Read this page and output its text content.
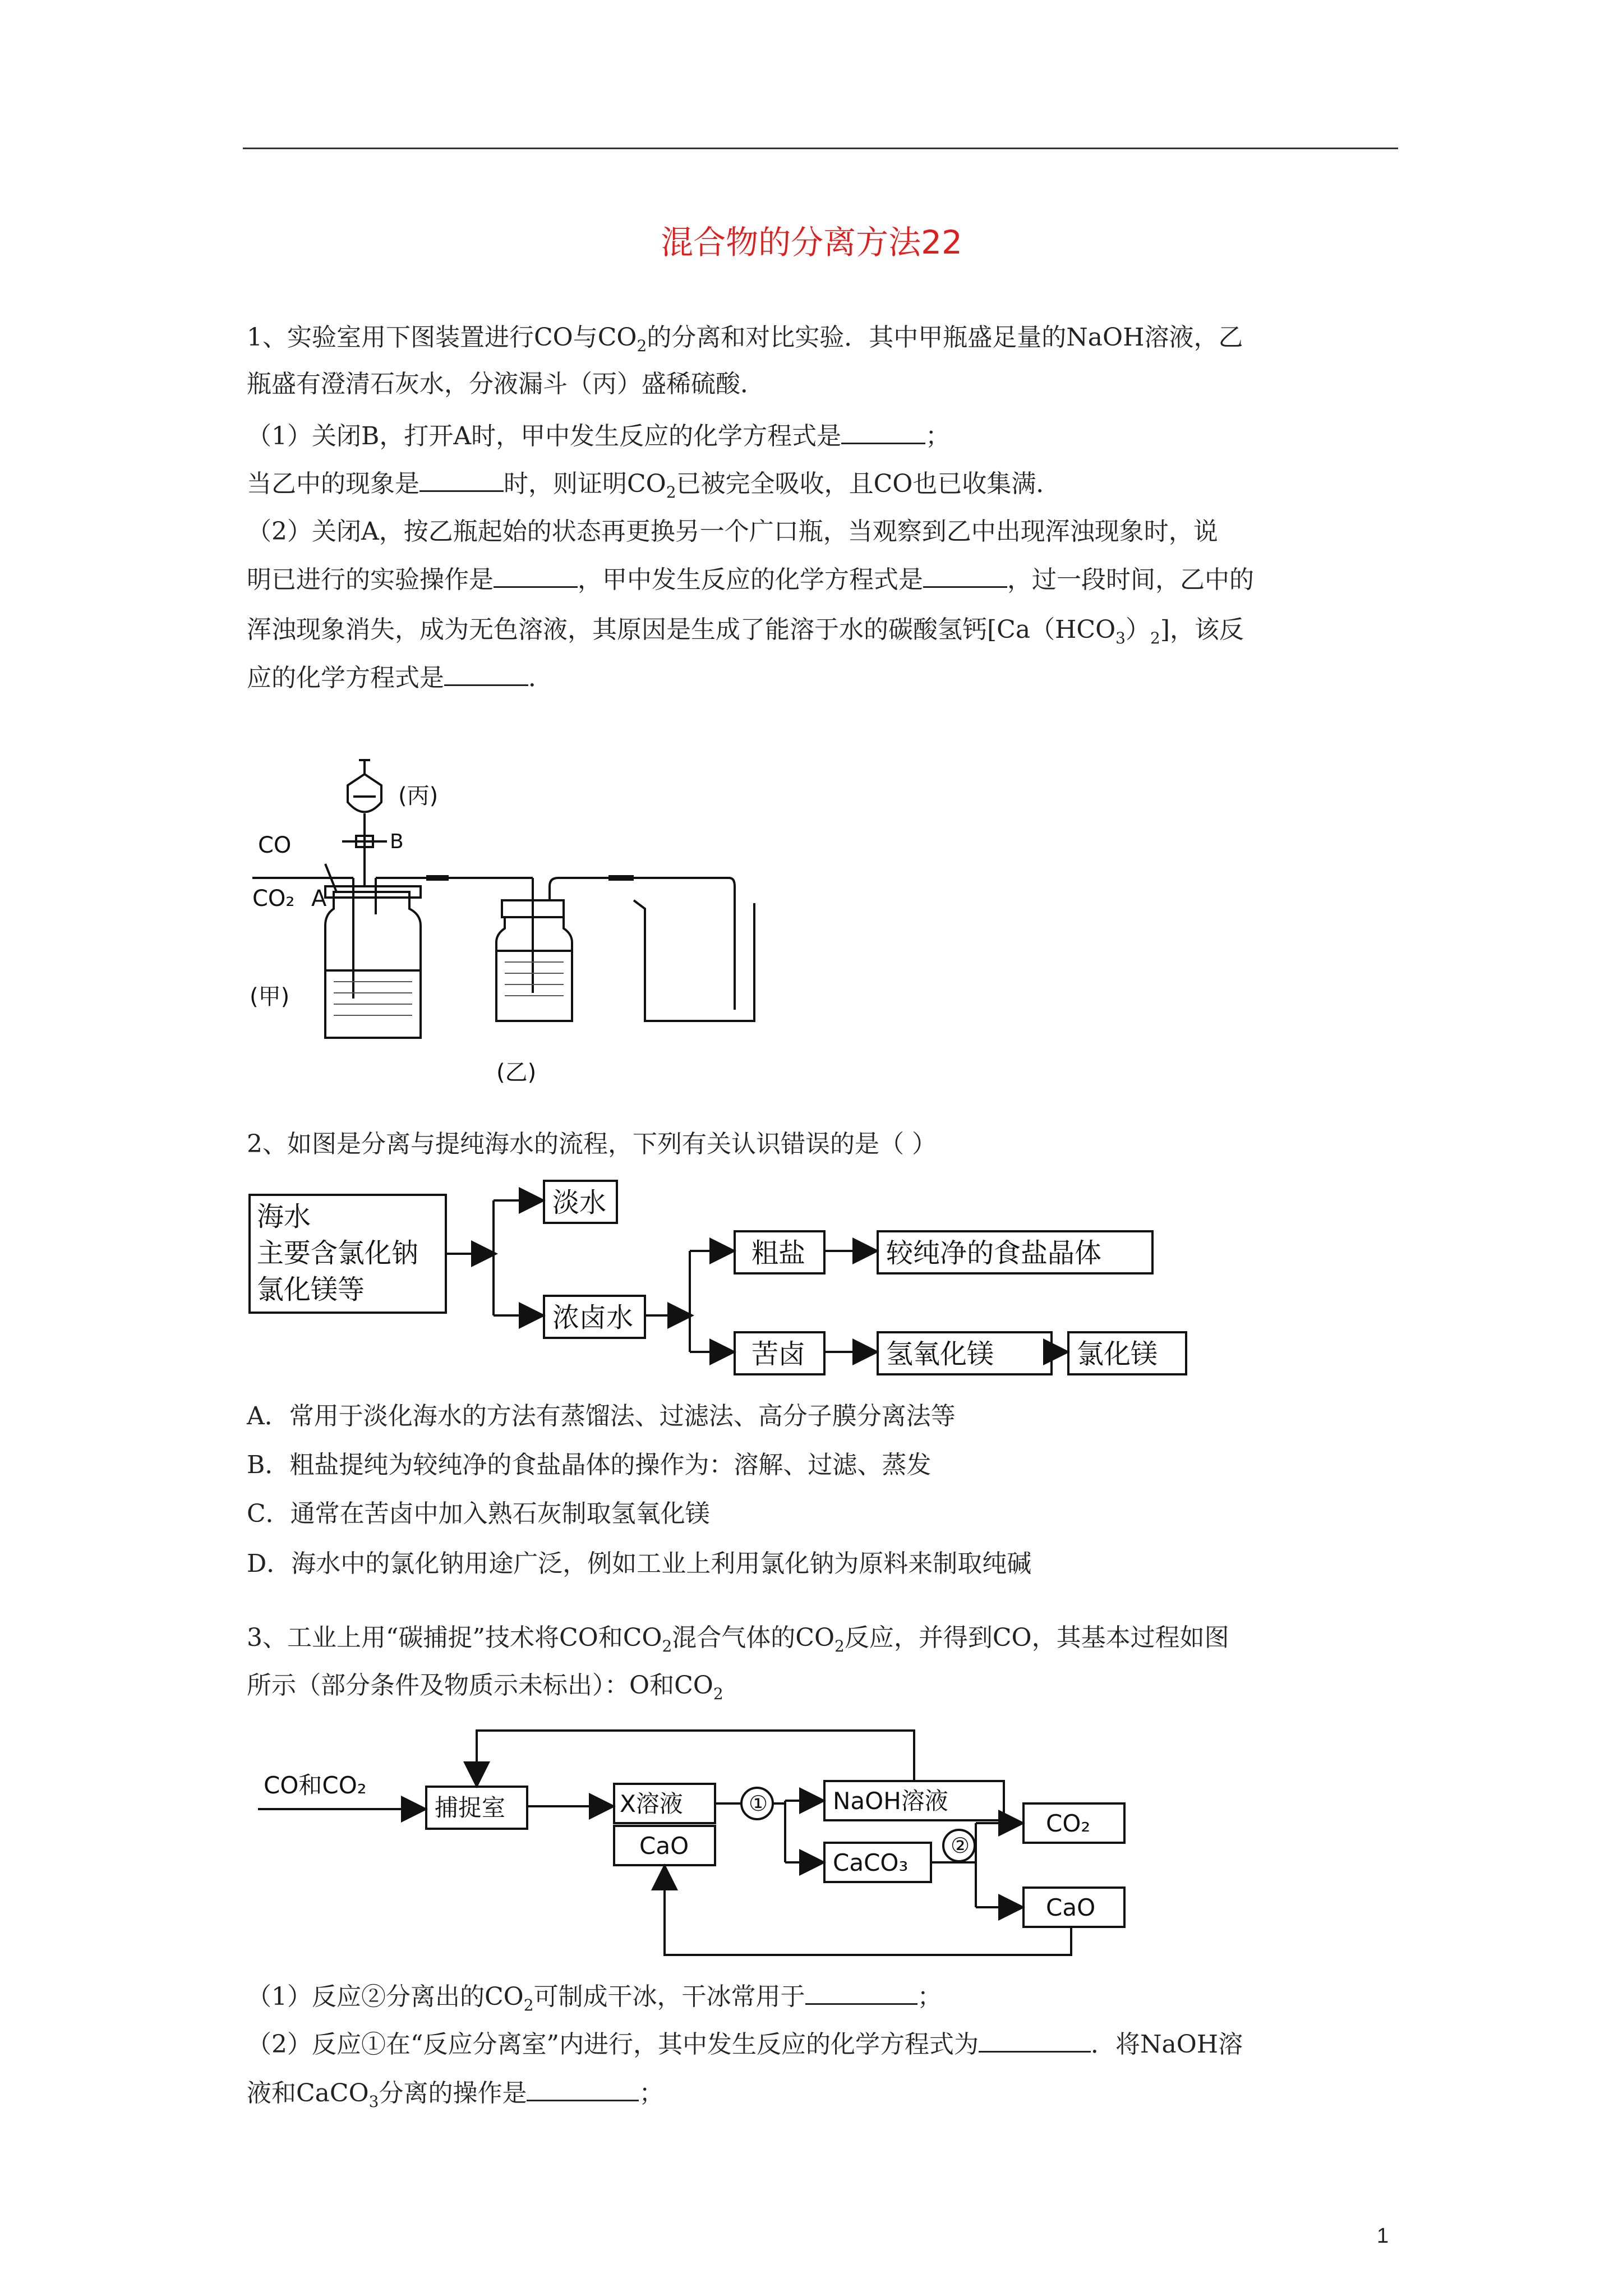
混合物的分离方法22
1、实验室用下图装置进行CO与$CO_2$的分离和对比实验．其中甲瓶盛足量的NaOH溶液，乙
瓶盛有澄清石灰水，分液漏斗（丙）盛稀硫酸．
（1）关闭B，打开A时，甲中发生反应的化学方程式是	；
当乙中的现象是	时，则证明$CO_2$已被完全吸收，且CO也已收集满．
（2）关闭A，按乙瓶起始的状态再更换另一个广口瓶，当观察到乙中出现浑浊现象时，说
明已进行的实验操作是	，甲中发生反应的化学方程式是	，过一段时间，乙中的
浑浊现象消失，成为无色溶液，其原因是生成了能溶于水的碳酸氢钙$[Ca(HCO_3)_2]$，该反
应的化学方程式是	．
(丙)
CO
CO₂ A
B
(甲)
(乙)
2、如图是分离与提纯海水的流程，下列有关认识错误的是（ ）
海水
主要含氯化钠
氯化镁等
淡水
浓卤水
粗盐	较纯净的食盐晶体
苦卤	氢氧化镁	氯化镁
A．常用于淡化海水的方法有蒸馏法、过滤法、高分子膜分离法等
B．粗盐提纯为较纯净的食盐晶体的操作为：溶解、过滤、蒸发
C．通常在苦卤中加入熟石灰制取氢氧化镁
D．海水中的氯化钠用途广泛，例如工业上利用氯化钠为原料来制取纯碱
3、工业上用“碳捕捉”技术将CO和$CO_2$混合气体的$CO_2$反应，并得到CO，其基本过程如图
所示（部分条件及物质示未标出）：O和$CO_2$
CO和CO₂
捕捉室	X溶液
CaO
①	NaOH溶液
CaCO₃
②
CO₂
CaO
（1）反应②分离出的$CO_2$可制成干冰，干冰常用于	；
（2）反应①在“反应分离室”内进行，其中发生反应的化学方程式为	．将NaOH溶
液和CaCO$_3$分离的操作是	；
1
